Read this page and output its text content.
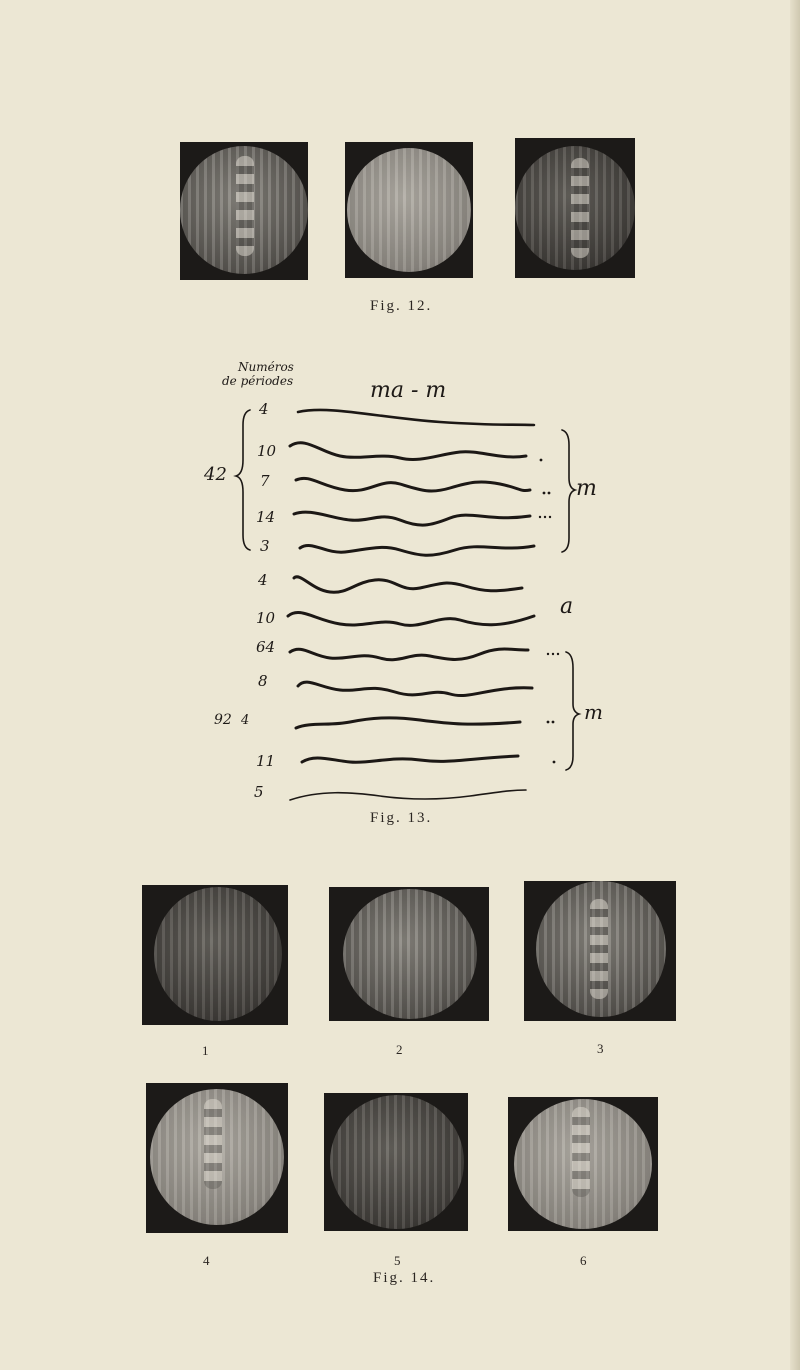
Fig. 12.
Numéros
de périodes	ma - m
42
92
4
10
7
14
3
4
10
64
8
4
11
5
m
a
m
Fig. 13.
1	2	3
4	5	6
Fig. 14.
